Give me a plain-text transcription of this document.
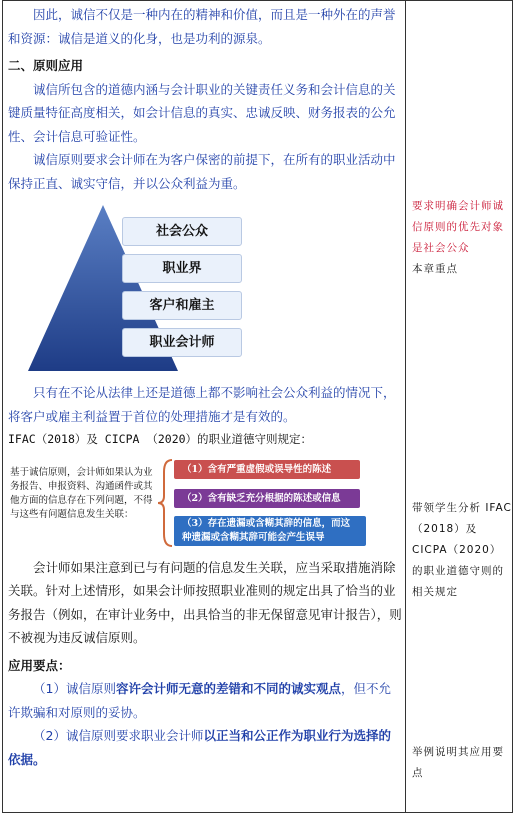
因此，诚信不仅是一种内在的精神和价值，而且是一种外在的声誉和资源：诚信是道义的化身，也是功利的源泉。

二、原则应用

诚信所包含的道德内涵与会计职业的关键责任义务和会计信息的关键质量特征高度相关，如会计信息的真实、忠诚反映、财务报表的公允性、会计信息可验证性。

诚信原则要求会计师在为客户保密的前提下，在所有的职业活动中保持正直、诚实守信，并以公众利益为重。

社会公众
职业界
客户和雇主
职业会计师

只有在不论从法律上还是道德上都不影响社会公众利益的情况下，将客户或雇主利益置于首位的处理措施才是有效的。

IFAC（2018）及 CICPA （2020）的职业道德守则规定：

基于诚信原则，会计师如果认为业务报告、申报资料、沟通函件或其他方面的信息存在下列问题，不得与这些有问题信息发生关联：
（1）含有严重虚假或误导性的陈述
（2）含有缺乏充分根据的陈述或信息
（3）存在遗漏或含糊其辞的信息，而这种遗漏或含糊其辞可能会产生误导

会计师如果注意到已与有问题的信息发生关联，应当采取措施消除关联。针对上述情形，如果会计师按照职业准则的规定出具了恰当的业务报告（例如，在审计业务中，出具恰当的非无保留意见审计报告），则不被视为违反诚信原则。

应用要点：

（1）诚信原则容许会计师无意的差错和不同的诚实观点，但不允许欺骗和对原则的妥协。

（2）诚信原则要求职业会计师以正当和公正作为职业行为选择的依据。

要求明确会计师诚信原则的优先对象是社会公众
本章重点
带领学生分析 IFAC（2018）及CICPA（2020）的职业道德守则的相关规定
举例说明其应用要点
